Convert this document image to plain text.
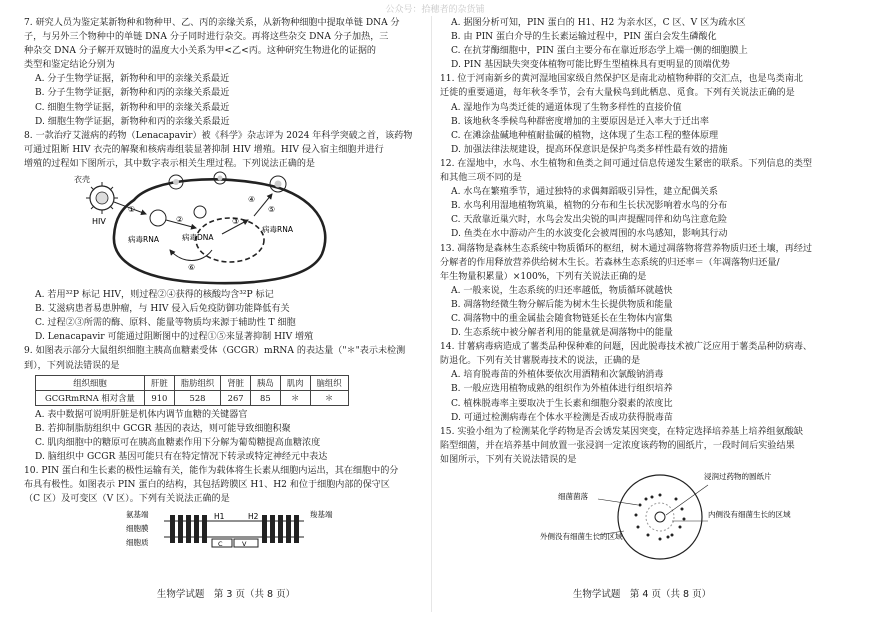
公众号：拾穗者的杂货铺

7. 研究人员为鉴定某新物种和物种甲、乙、丙的亲缘关系，从新物种细胞中提取单链 DNA 分

子，与另外三个物种中的单链 DNA 分子同时进行杂交。再将这些杂交 DNA 分子加热，三

种杂交 DNA 分子解开双链时的温度大小关系为甲<乙<丙。这种研究生物进化的证据的

类型和鉴定结论分别为

A. 分子生物学证据，新物种和甲的亲缘关系最近

B. 分子生物学证据，新物种和丙的亲缘关系最近

C. 细胞生物学证据，新物种和甲的亲缘关系最近

D. 细胞生物学证据，新物种和丙的亲缘关系最近

8. 一款治疗艾滋病的药物（Lenacapavir）被《科学》杂志评为 2024 年科学突破之首，该药物

可通过阻断 HIV 衣壳的解聚和核病毒组装显著抑制 HIV 增殖。HIV 侵入宿主细胞并进行

增殖的过程如下图所示，其中数字表示相关生理过程。下列说法正确的是

衣壳
HIV
病毒RNA	病毒DNA
病毒RNA
①
②	③
④
⑤
⑥

A. 若用³²P 标记 HIV，则过程②④获得的核酸均含³²P 标记

B. 艾滋病患者易患肿瘤，与 HIV 侵入后免疫防御功能降低有关

C. 过程②③所需的酶、原料、能量等物质均来源于辅助性 T 细胞

D. Lenacapavir 可能通过阻断图中的过程①⑤来显著抑制 HIV 增殖

9. 如图表示部分大鼠组织细胞主胰高血糖素受体（GCGR）mRNA 的表达量（"＊"表示未检测

到），下列说法错误的是

组织细胞	肝脏	脂肪组织	肾脏	胰岛	肌肉	脑组织
GCGRmRNA 相对含量	910	528	267	85	＊	＊

A. 表中数据可说明肝脏是机体内调节血糖的关键器官

B. 若抑制脂肪组织中 GCGR 基因的表达，则可能导致细胞积聚

C. 肌肉细胞中的糖原可在胰高血糖素作用下分解为葡萄糖提高血糖浓度

D. 脑组织中 GCGR 基因可能只有在特定情况下转录或特定神经元中表达

10. PIN 蛋白和生长素的极性运输有关，能作为载体将生长素从细胞内运出，其在细胞中的分

布具有极性。如图表示 PIN 蛋白的结构，其包括跨膜区 H1、H2 和位于细胞内部的保守区

（C 区）及可变区（V 区）。下列有关说法正确的是

氨基端
细胞膜
细胞质
羧基端
H1	H2
C	V
生物学试题　第 3 页（共 8 页）

A. 据图分析可知，PIN 蛋白的 H1、H2 为亲水区，C 区、V 区为疏水区

B. 由 PIN 蛋白介导的生长素运输过程中，PIN 蛋白会发生磷酸化

C. 在抗芽酶细胞中，PIN 蛋白主要分布在靠近形态学上端一侧的细胞膜上

D. PIN 基因缺失突变体植物可能比野生型植株具有更明显的顶端优势

11. 位于河南新乡的黄河湿地国家级自然保护区是南北动植物种群的交汇点，也是鸟类南北

迁徙的重要通道，每年秋冬季节，会有大量候鸟到此栖息、觅食。下列有关说法正确的是

A. 湿地作为鸟类迁徙的通道体现了生物多样性的直接价值

B. 该地秋冬季候鸟种群密度增加的主要原因是迁入率大于迁出率

C. 在滩涂盐碱地种植耐盐碱的植物，这体现了生态工程的整体原理

D. 加强法律法规建设，提高环保意识是保护鸟类多样性最有效的措施

12. 在湿地中，水鸟、水生植物和鱼类之间可通过信息传递发生紧密的联系。下列信息的类型

和其他三项不同的是

A. 水鸟在繁殖季节，通过独特的求偶舞蹈吸引异性，建立配偶关系

B. 水鸟利用湿地植物筑巢，植物的分布和生长状况影响着水鸟的分布

C. 天敌靠近巢穴时，水鸟会发出尖锐的叫声提醒同伴和幼鸟注意危险

D. 鱼类在水中游动产生的水波变化会被周围的水鸟感知，影响其行动

13. 凋落物是森林生态系统中物质循环的枢纽，树木通过凋落物将营养物质归还土壤，再经过

分解者的作用释放营养供给树木生长。若森林生态系统的归还率＝（年凋落物归还量/

年生物量积累量）×100%，下列有关说法正确的是

A. 一般来说，生态系统的归还率越低，物质循环就越快

B. 凋落物经微生物分解后能为树木生长提供物质和能量

C. 凋落物中的重金属盐会随食物链延长在生物体内富集

D. 生态系统中被分解者利用的能量就是凋落物中的能量

14. 甘薯病毒病造成了薯类品种保种难的问题，因此脱毒技术被广泛应用于薯类品种防病毒、

防退化。下列有关甘薯脱毒技术的说法，正确的是

A. 培育脱毒苗的外植体要依次用酒精和次氯酸钠消毒

B. 一般应选用植物成熟的组织作为外植体进行组织培养

C. 植株脱毒率主要取决于生长素和细胞分裂素的浓度比

D. 可通过检测病毒在个体水平检测是否成功获得脱毒苗

15. 实验小组为了检测某化学药物是否会诱发某因突变，在特定选择培养基上培养组氨酸缺

陷型细菌，并在培养基中间放置一张浸润一定浓度该药物的圆纸片，一段时间后实验结果

如图所示，下列有关说法错误的是

细菌菌落
外侧没有细菌生长的区域
浸润过药物的圆纸片
内侧没有细菌生长的区域
生物学试题　第 4 页（共 8 页）
